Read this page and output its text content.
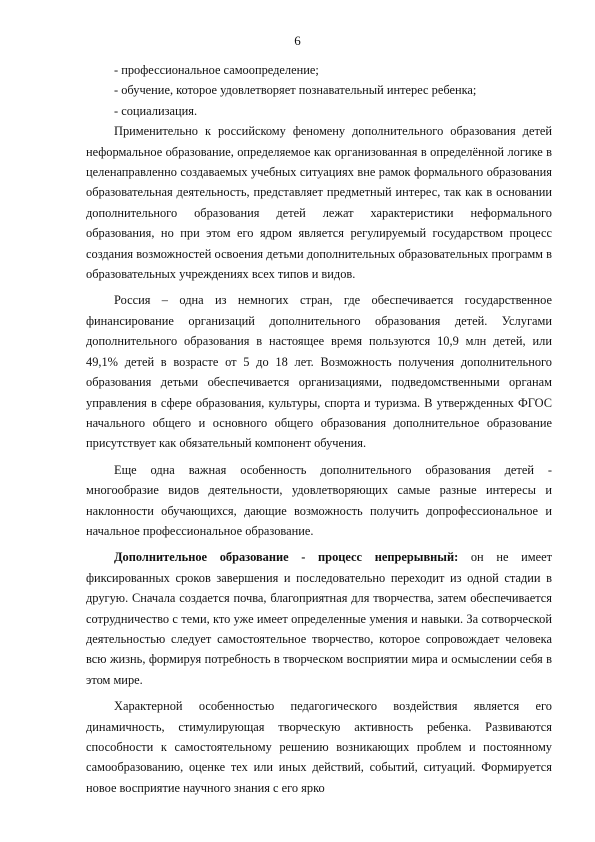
6

- профессиональное самоопределение;

- обучение, которое удовлетворяет познавательный интерес ребенка;

- социализация.

Применительно к российскому феномену дополнительного образования детей неформальное образование, определяемое как организованная в определённой логике в целенаправленно создаваемых учебных ситуациях вне рамок формального образования образовательная деятельность, представляет предметный интерес, так как в основании дополнительного образования детей лежат характеристики неформального образования, но при этом его ядром является регулируемый государством процесс создания возможностей освоения детьми дополнительных образовательных программ в образовательных учреждениях всех типов и видов.

Россия – одна из немногих стран, где обеспечивается государственное финансирование организаций дополнительного образования детей. Услугами дополнительного образования в настоящее время пользуются 10,9 млн детей, или 49,1% детей в возрасте от 5 до 18 лет. Возможность получения дополнительного образования детьми обеспечивается организациями, подведомственными органам управления в сфере образования, культуры, спорта и туризма. В утвержденных ФГОС начального общего и основного общего образования дополнительное образование присутствует как обязательный компонент обучения.

Еще одна важная особенность дополнительного образования детей - многообразие видов деятельности, удовлетворяющих самые разные интересы и наклонности обучающихся, дающие возможность получить допрофессиональное и начальное профессиональное образование.

Дополнительное образование - процесс непрерывный: он не имеет фиксированных сроков завершения и последовательно переходит из одной стадии в другую. Сначала создается почва, благоприятная для творчества, затем обеспечивается сотрудничество с теми, кто уже имеет определенные умения и навыки. За сотворческой деятельностью следует самостоятельное творчество, которое сопровождает человека всю жизнь, формируя потребность в творческом восприятии мира и осмыслении себя в этом мире.

Характерной особенностью педагогического воздействия является его динамичность, стимулирующая творческую активность ребенка. Развиваются способности к самостоятельному решению возникающих проблем и постоянному самообразованию, оценке тех или иных действий, событий, ситуаций. Формируется новое восприятие научного знания с его ярко
